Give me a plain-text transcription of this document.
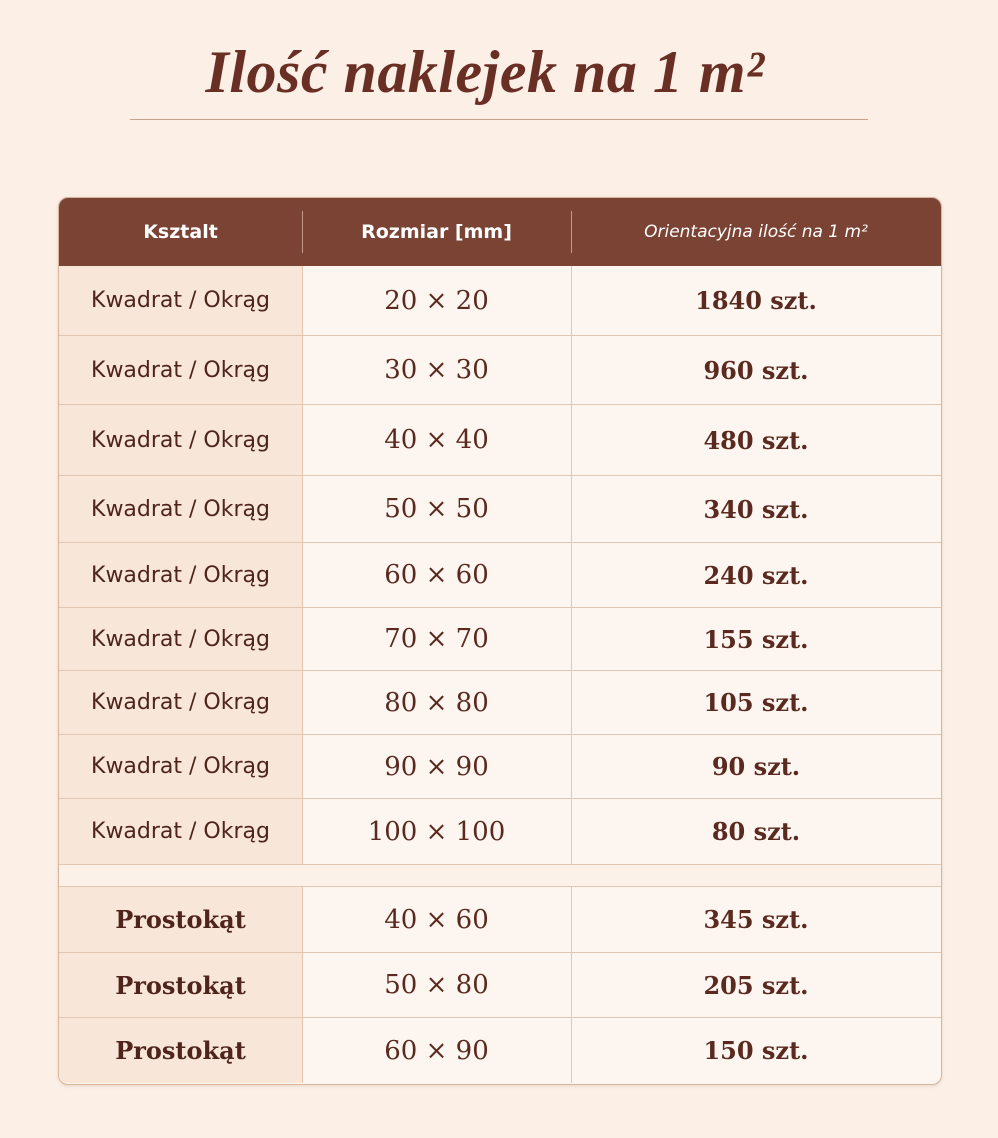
Ilość naklejek na 1 m²
Ksztalt	Rozmiar [mm]	Orientacyjna ilość na 1 m²
Kwadrat / Okrąg	20 × 20	1840 szt.
Kwadrat / Okrąg	30 × 30	960 szt.
Kwadrat / Okrąg	40 × 40	480 szt.
Kwadrat / Okrąg	50 × 50	340 szt.
Kwadrat / Okrąg	60 × 60	240 szt.
Kwadrat / Okrąg	70 × 70	155 szt.
Kwadrat / Okrąg	80 × 80	105 szt.
Kwadrat / Okrąg	90 × 90	90 szt.
Kwadrat / Okrąg	100 × 100	80 szt.
Prostokąt	40 × 60	345 szt.
Prostokąt	50 × 80	205 szt.
Prostokąt	60 × 90	150 szt.
